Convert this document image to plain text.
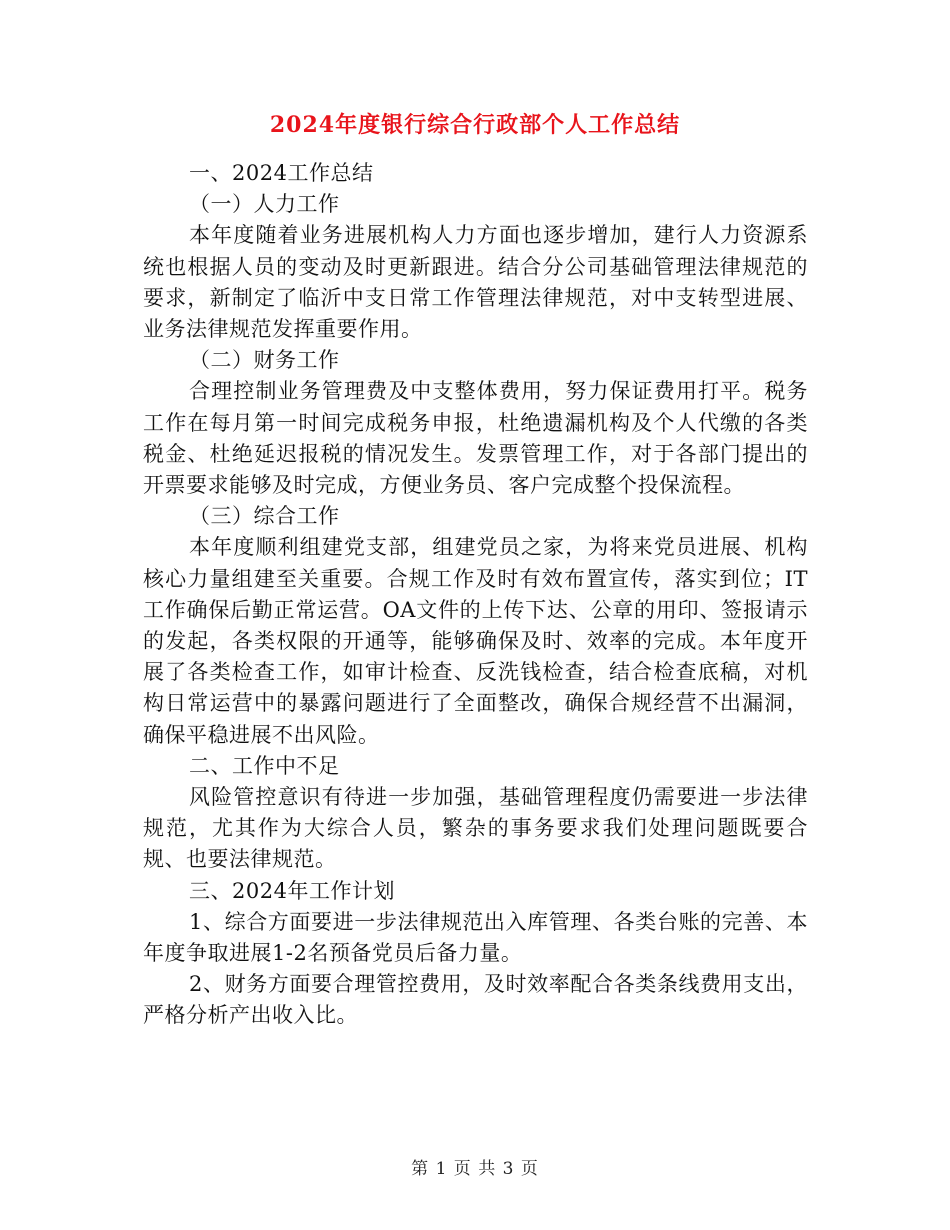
2024年度银行综合行政部个人工作总结

一、2024工作总结

（一）人力工作

本年度随着业务进展机构人力方面也逐步增加，建行人力资源系统也根据人员的变动及时更新跟进。结合分公司基础管理法律规范的要求，新制定了临沂中支日常工作管理法律规范，对中支转型进展、业务法律规范发挥重要作用。

（二）财务工作

合理控制业务管理费及中支整体费用，努力保证费用打平。税务工作在每月第一时间完成税务申报，杜绝遗漏机构及个人代缴的各类税金、杜绝延迟报税的情况发生。发票管理工作，对于各部门提出的开票要求能够及时完成，方便业务员、客户完成整个投保流程。

（三）综合工作

本年度顺利组建党支部，组建党员之家，为将来党员进展、机构核心力量组建至关重要。合规工作及时有效布置宣传，落实到位；IT工作确保后勤正常运营。OA文件的上传下达、公章的用印、签报请示的发起，各类权限的开通等，能够确保及时、效率的完成。本年度开展了各类检查工作，如审计检查、反洗钱检查，结合检查底稿，对机构日常运营中的暴露问题进行了全面整改，确保合规经营不出漏洞，确保平稳进展不出风险。

二、工作中不足

风险管控意识有待进一步加强，基础管理程度仍需要进一步法律规范，尤其作为大综合人员，繁杂的事务要求我们处理问题既要合规、也要法律规范。

三、2024年工作计划

1、综合方面要进一步法律规范出入库管理、各类台账的完善、本年度争取进展1-2名预备党员后备力量。

2、财务方面要合理管控费用，及时效率配合各类条线费用支出，严格分析产出收入比。

第 1 页 共 3 页
